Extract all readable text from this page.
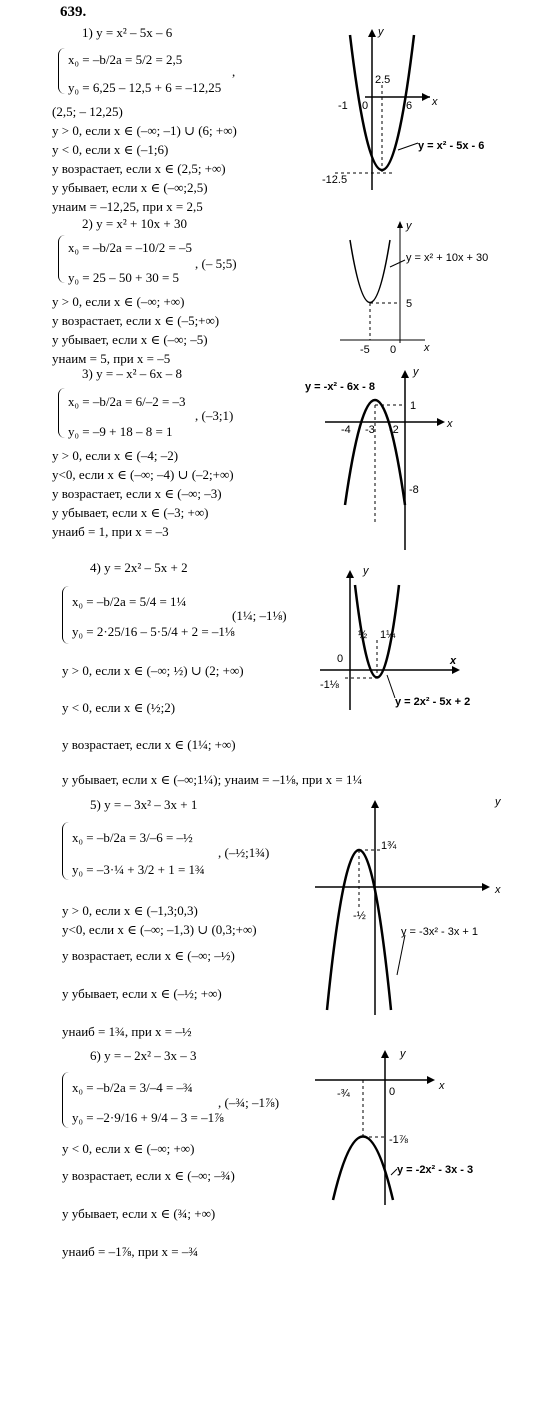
639.
1) y = x² – 5x – 6
x₀ = –b/2a = 5/2 = 2,5
,
y₀ = 6,25 – 12,5 + 6 = –12,25
(2,5; – 12,25)
y > 0, если x ∈ (–∞; –1) ∪ (6; +∞)
y < 0, если x ∈ (–1;6)
y возрастает, если x ∈ (2,5; +∞)
y убывает, если x ∈ (–∞;2,5)
yнаим = –12,25, при x = 2,5
y
x
2.5
-1 0	6
-12.5
y = x² - 5x - 6
2) y = x² + 10x + 30
x₀ = –b/2a = –10/2 = –5
, (– 5;5)
y₀ = 25 – 50 + 30 = 5
y > 0, если x ∈ (–∞; +∞)
y возрастает, если x ∈ (–5;+∞)
y убывает, если x ∈ (–∞; –5)
yнаим = 5, при x = –5
y
x
5
-5 0
y = x² + 10x + 30
3) y = – x² – 6x – 8
x₀ = –b/2a = 6/–2 = –3
, (–3;1)
y₀ = –9 + 18 – 8 = 1
y > 0, если x ∈ (–4; –2)
y<0, если x ∈ (–∞; –4) ∪ (–2;+∞)
y возрастает, если x ∈ (–∞; –3)
y убывает, если x ∈ (–3; +∞)
yнаиб = 1, при x = –3
y
x
1
-4 -3 -2
-8
y = -x² - 6x - 8
4) y = 2x² – 5x + 2
x₀ = –b/2a = 5/4 = 1¼
y₀ = 2·25/16 – 5·5/4 + 2 = –1⅛
(1¼; –1⅛)
y > 0, если x ∈ (–∞; ½) ∪ (2; +∞)
y < 0, если x ∈ (½;2)
y возрастает, если x ∈ (1¼; +∞)
y убывает, если x ∈ (–∞;1¼); yнаим = –1⅛, при x = 1¼
y
x
0
½ 1¼
-1⅛
y = 2x² - 5x + 2
5) y = – 3x² – 3x + 1
x₀ = –b/2a = 3/–6 = –½
, (–½;1¾)
y₀ = –3·¼ + 3/2 + 1 = 1¾
y > 0, если x ∈ (–1,3;0,3)
y<0, если x ∈ (–∞; –1,3) ∪ (0,3;+∞)
y возрастает, если x ∈ (–∞; –½)
y убывает, если x ∈ (–½; +∞)
yнаиб = 1¾, при x = –½
y
x
1¾
-½
y = -3x² - 3x + 1
6) y = – 2x² – 3x – 3
x₀ = –b/2a = 3/–4 = –¾
, (–¾; –1⅞)
y₀ = –2·9/16 + 9/4 – 3 = –1⅞
y < 0, если x ∈ (–∞; +∞)
y возрастает, если x ∈ (–∞; –¾)
y убывает, если x ∈ (¾; +∞)
yнаиб = –1⅞, при x = –¾
y
x
-¾	0
-1⅞
y = -2x² - 3x - 3
